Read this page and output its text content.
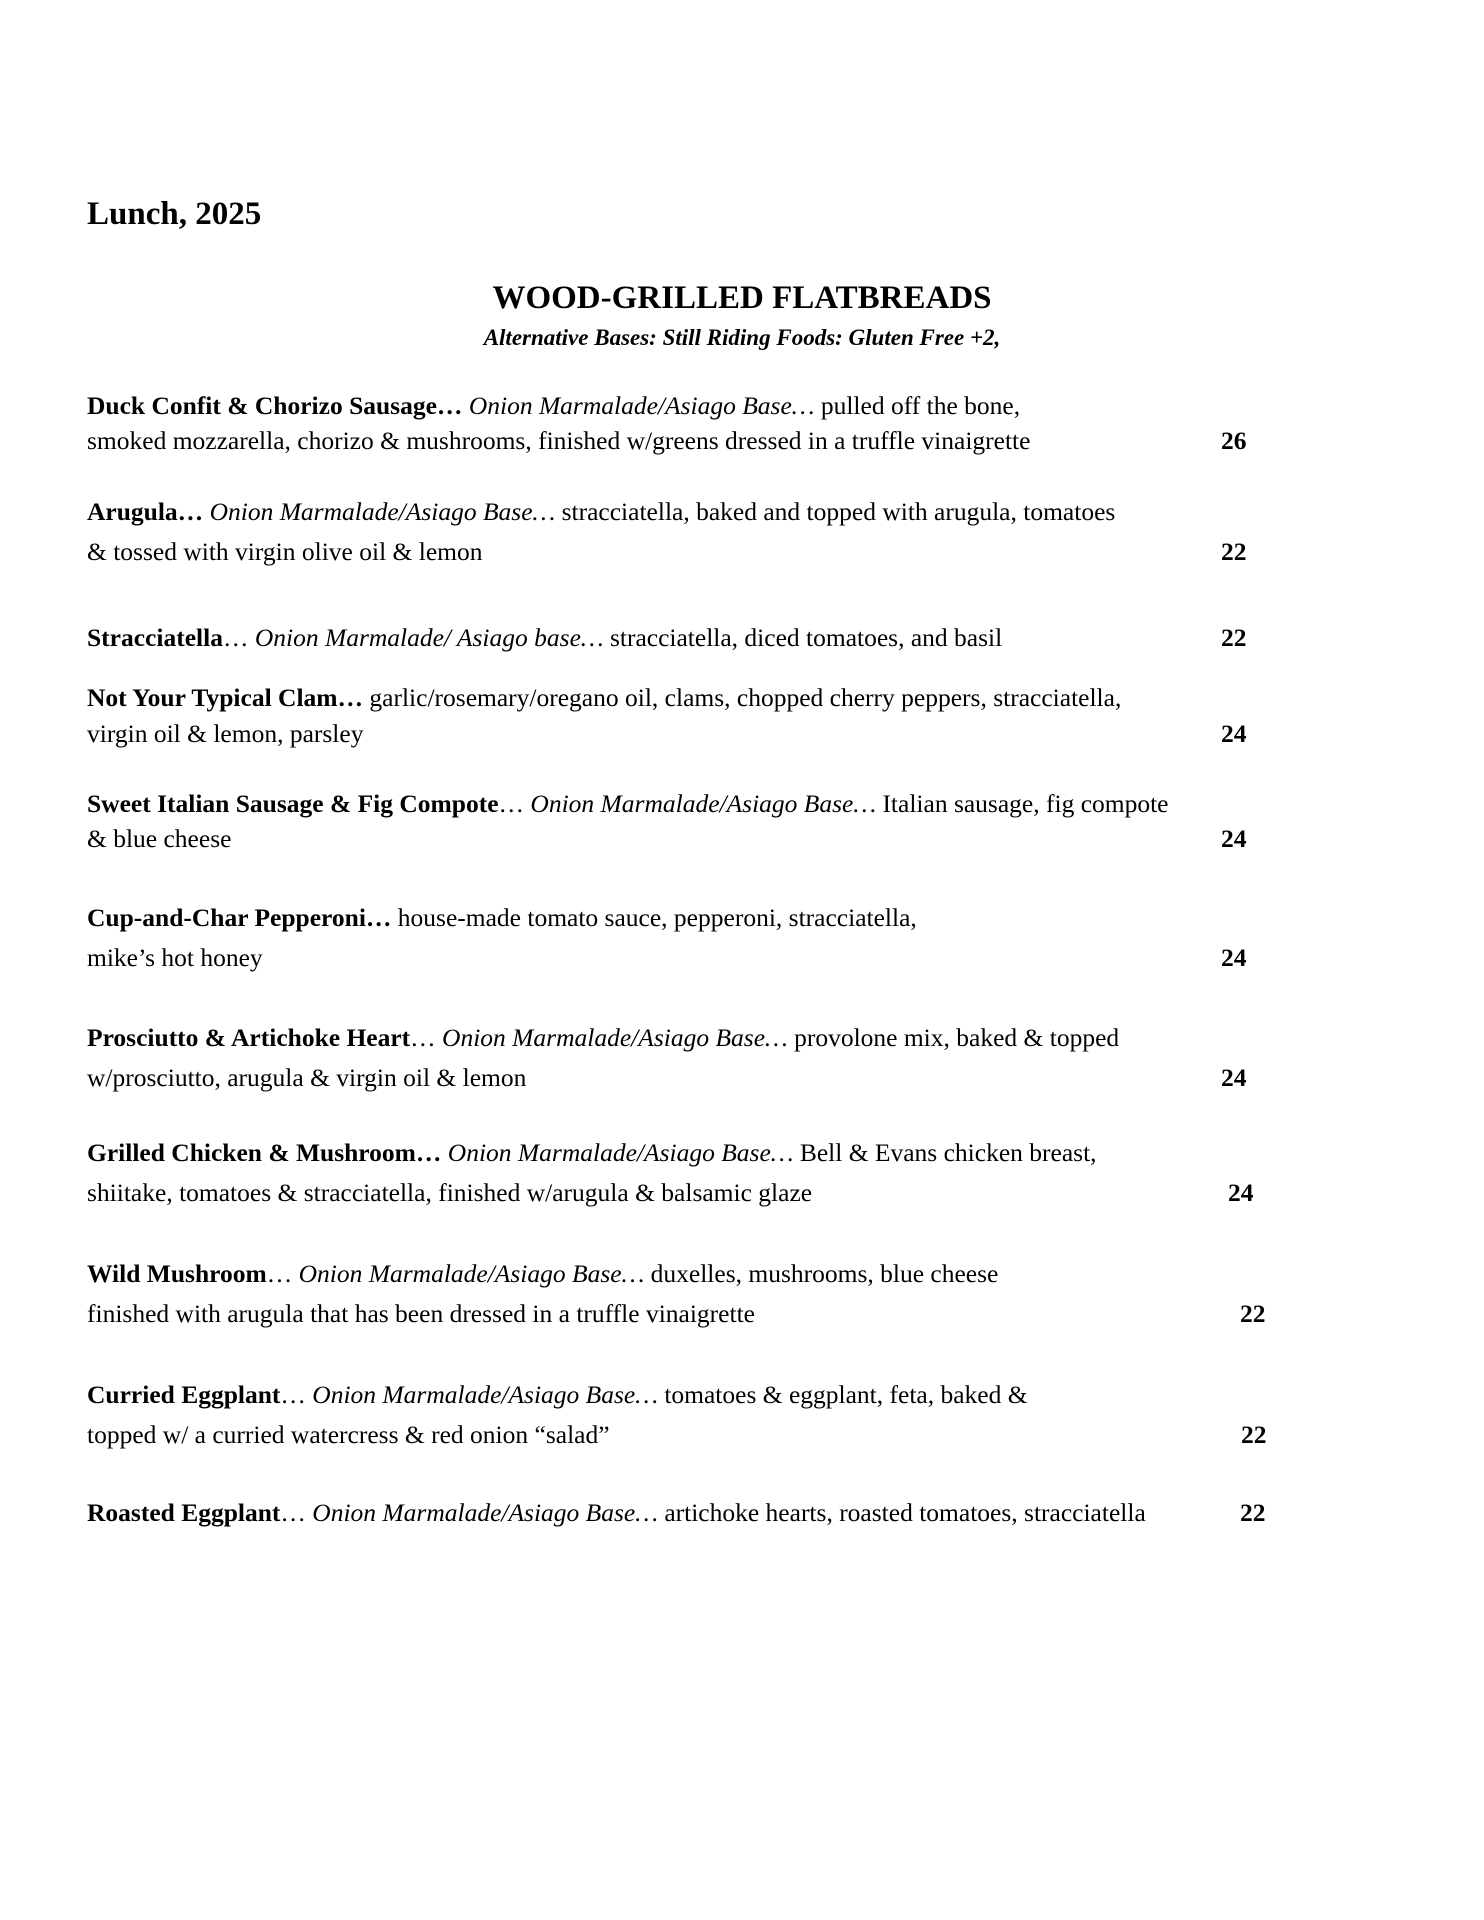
Lunch, 2025
WOOD-GRILLED FLATBREADS
Alternative Bases: Still Riding Foods: Gluten Free +2,
Duck Confit & Chorizo Sausage… Onion Marmalade/Asiago Base… pulled off the bone,
smoked mozzarella, chorizo & mushrooms, finished w/greens dressed in a truffle vinaigrette	26
Arugula… Onion Marmalade/Asiago Base… stracciatella, baked and topped with arugula, tomatoes
& tossed with virgin olive oil & lemon	22
Stracciatella… Onion Marmalade/ Asiago base… stracciatella, diced tomatoes, and basil	22
Not Your Typical Clam… garlic/rosemary/oregano oil, clams, chopped cherry peppers, stracciatella,
virgin oil & lemon, parsley	24
Sweet Italian Sausage & Fig Compote… Onion Marmalade/Asiago Base… Italian sausage, fig compote
& blue cheese	24
Cup-and-Char Pepperoni… house-made tomato sauce, pepperoni, stracciatella,
mike’s hot honey	24
Prosciutto & Artichoke Heart… Onion Marmalade/Asiago Base… provolone mix, baked & topped
w/prosciutto, arugula & virgin oil & lemon	24
Grilled Chicken & Mushroom… Onion Marmalade/Asiago Base… Bell & Evans chicken breast,
shiitake, tomatoes & stracciatella, finished w/arugula & balsamic glaze	24
Wild Mushroom… Onion Marmalade/Asiago Base… duxelles, mushrooms, blue cheese
finished with arugula that has been dressed in a truffle vinaigrette	22
Curried Eggplant… Onion Marmalade/Asiago Base… tomatoes & eggplant, feta, baked &
topped w/ a curried watercress & red onion “salad”	22
Roasted Eggplant… Onion Marmalade/Asiago Base… artichoke hearts, roasted tomatoes, stracciatella	22
